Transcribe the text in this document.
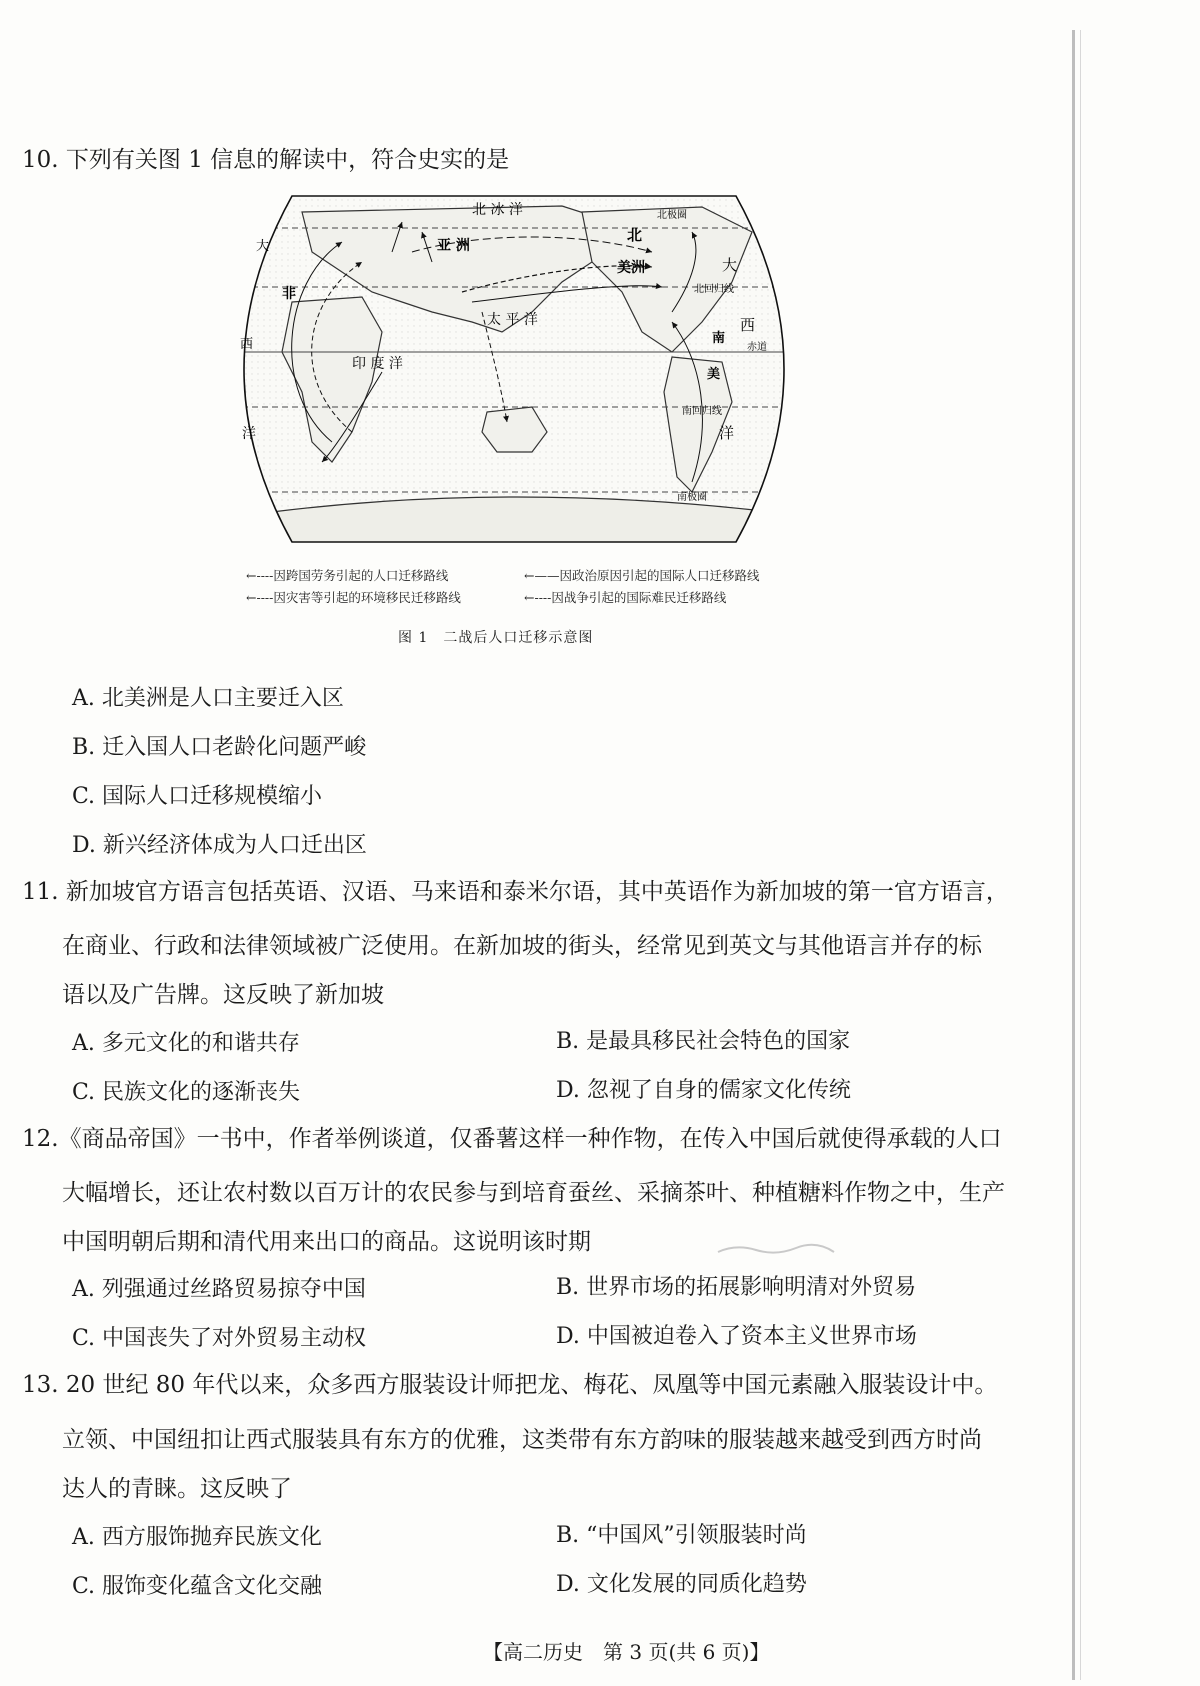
10. 下列有关图 1 信息的解读中，符合史实的是
北 冰 洋
亚 洲
北
美洲
太 平 洋
印 度 洋
大
西
洋
西
洋
非
大
北回归线
赤道
南
美
南回归线
北极圈
南极圈
←----因跨国劳务引起的人口迁移路线	←——因政治原因引起的国际人口迁移路线
←----因灾害等引起的环境移民迁移路线	←----因战争引起的国际难民迁移路线
图 1　二战后人口迁移示意图
A. 北美洲是人口主要迁入区
B. 迁入国人口老龄化问题严峻
C. 国际人口迁移规模缩小
D. 新兴经济体成为人口迁出区
11. 新加坡官方语言包括英语、汉语、马来语和泰米尔语，其中英语作为新加坡的第一官方语言，
在商业、行政和法律领域被广泛使用。在新加坡的街头，经常见到英文与其他语言并存的标
语以及广告牌。这反映了新加坡
A. 多元文化的和谐共存	B. 是最具移民社会特色的国家
C. 民族文化的逐渐丧失	D. 忽视了自身的儒家文化传统
12.《商品帝国》一书中，作者举例谈道，仅番薯这样一种作物，在传入中国后就使得承载的人口
大幅增长，还让农村数以百万计的农民参与到培育蚕丝、采摘茶叶、种植糖料作物之中，生产
中国明朝后期和清代用来出口的商品。这说明该时期
A. 列强通过丝路贸易掠夺中国	B. 世界市场的拓展影响明清对外贸易
C. 中国丧失了对外贸易主动权	D. 中国被迫卷入了资本主义世界市场
13. 20 世纪 80 年代以来，众多西方服装设计师把龙、梅花、凤凰等中国元素融入服装设计中。
立领、中国纽扣让西式服装具有东方的优雅，这类带有东方韵味的服装越来越受到西方时尚
达人的青睐。这反映了
A. 西方服饰抛弃民族文化	B. “中国风”引领服装时尚
C. 服饰变化蕴含文化交融	D. 文化发展的同质化趋势
【高二历史　第 3 页(共 6 页)】
